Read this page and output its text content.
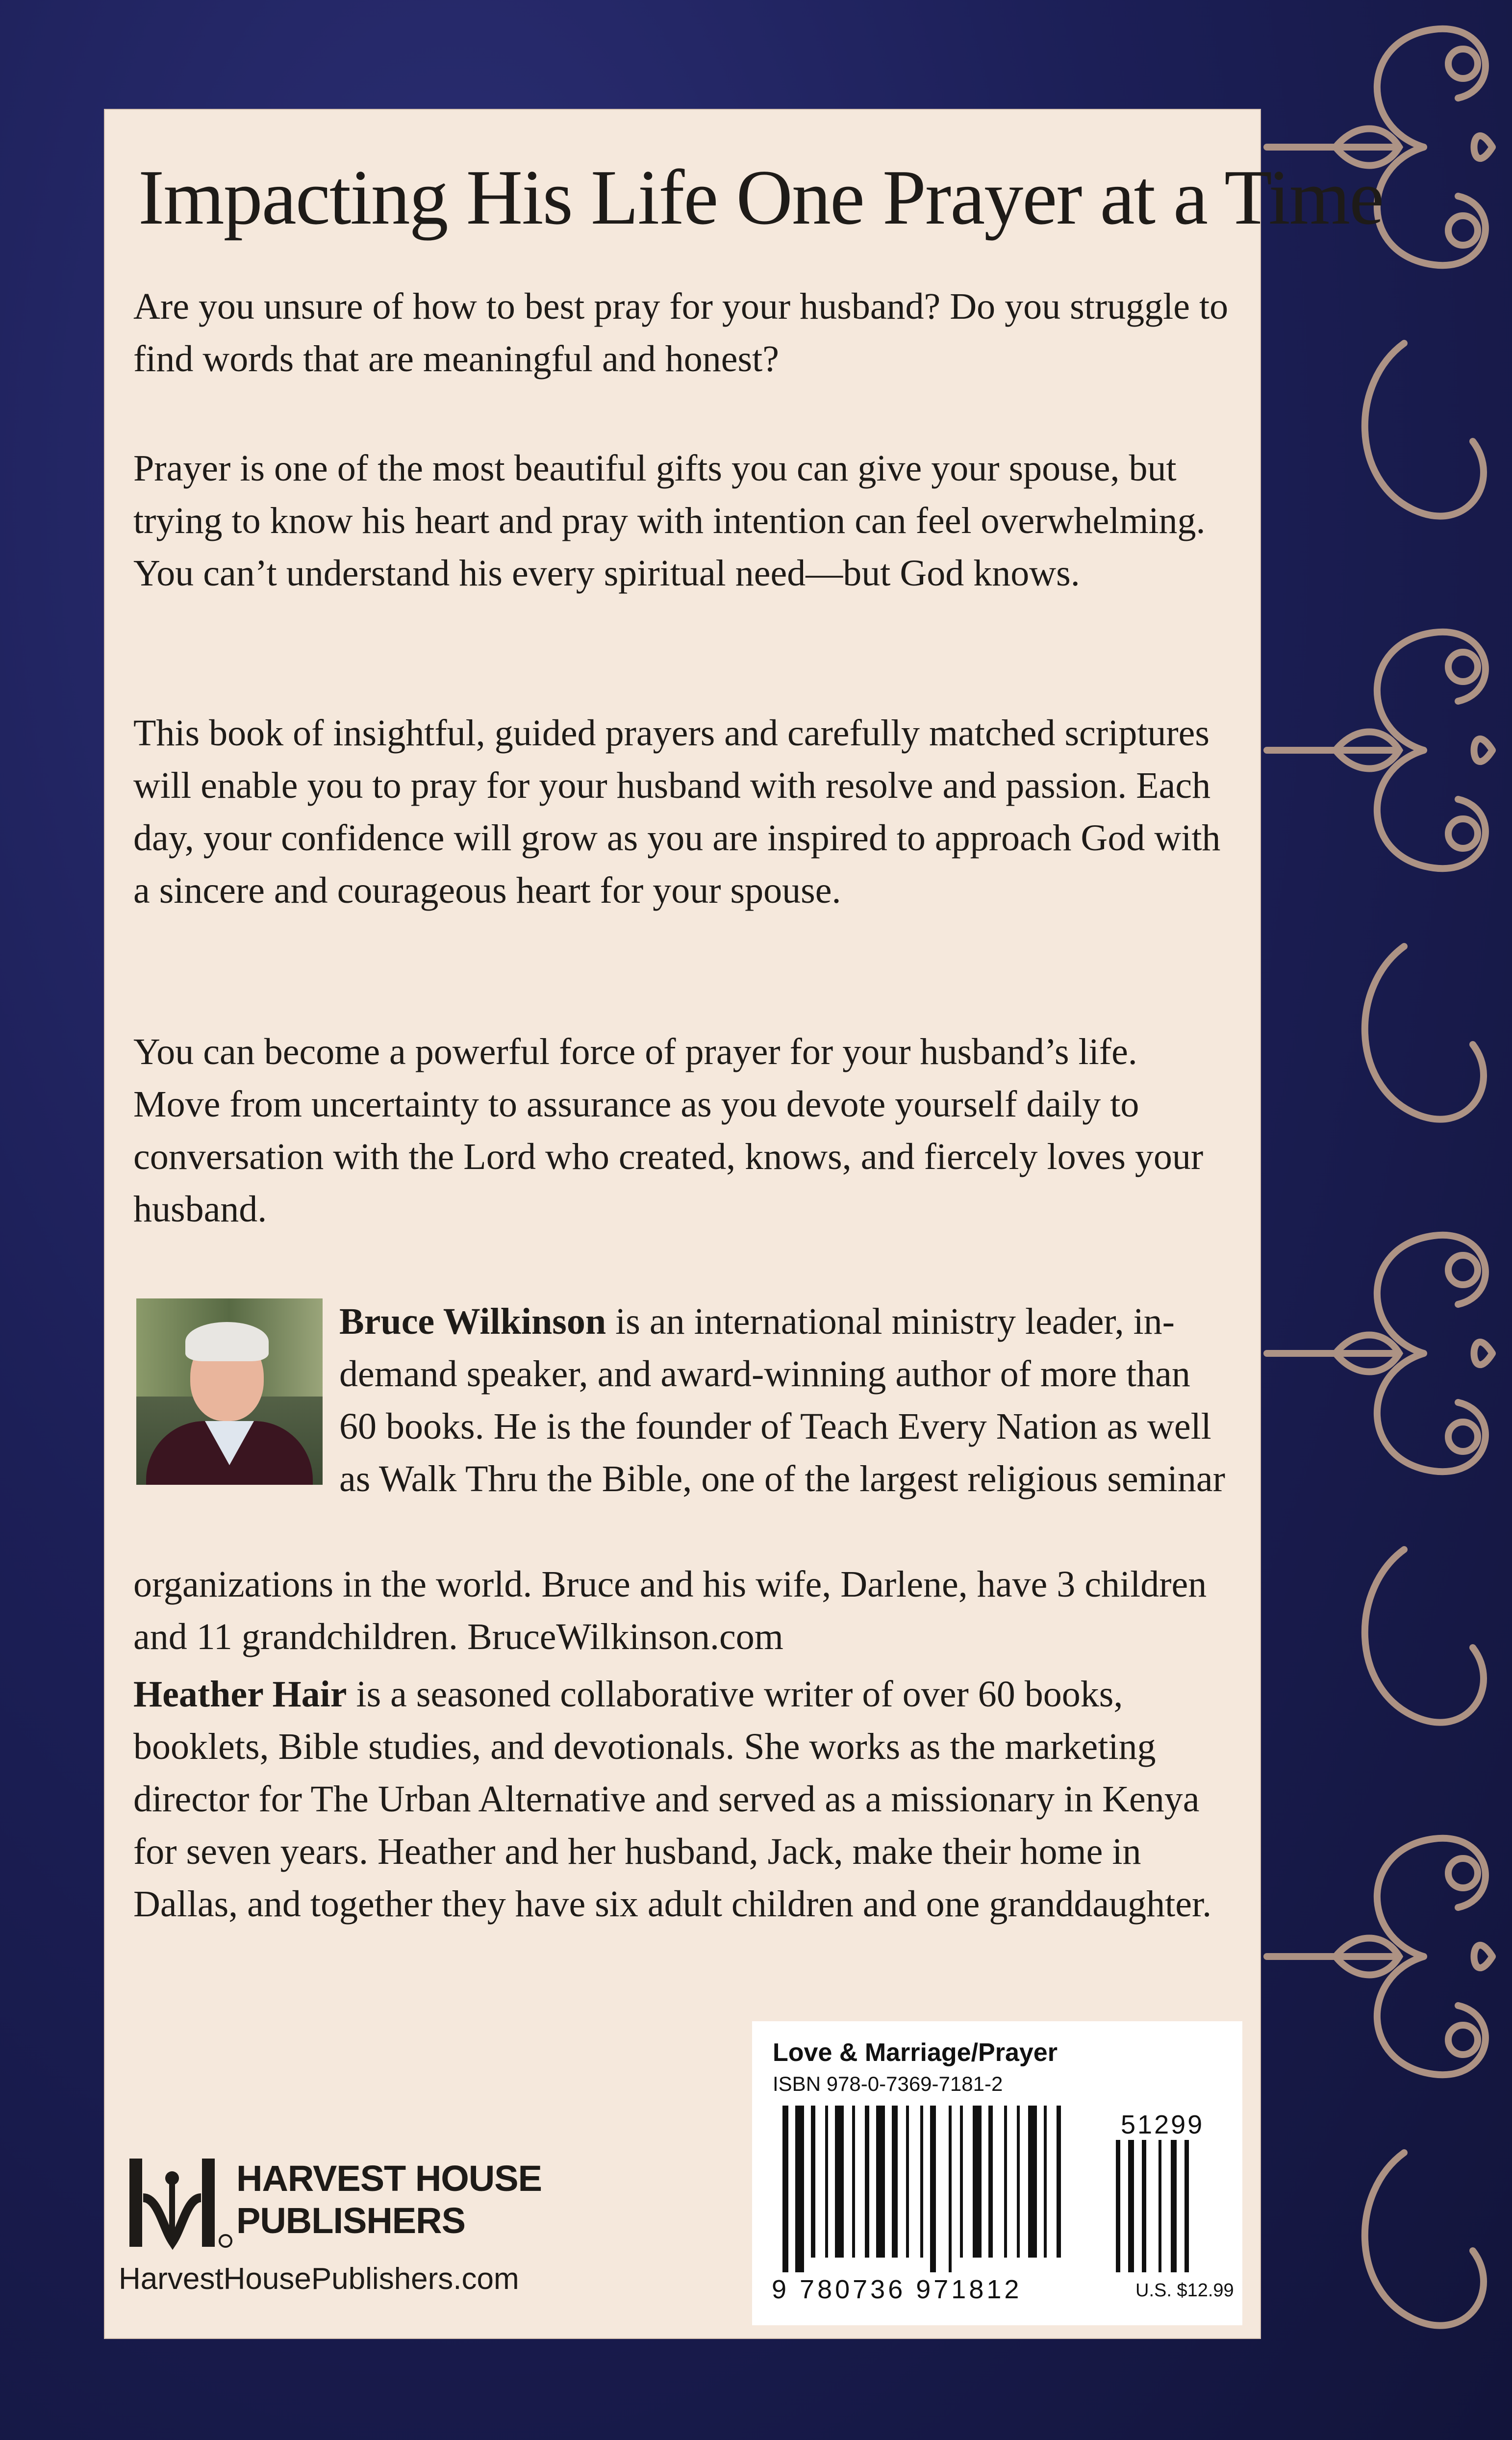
Impacting His Life One Prayer at a Time

Are you unsure of how to best pray for your husband? Do you struggle to find words that are meaningful and honest?

Prayer is one of the most beautiful gifts you can give your spouse, but trying to know his heart and pray with intention can feel overwhelming. You can’t understand his every spiritual need—but God knows.

This book of insightful, guided prayers and carefully matched scriptures will enable you to pray for your husband with resolve and passion. Each day, your confidence will grow as you are inspired to approach God with a sincere and courageous heart for your spouse.

You can become a powerful force of prayer for your husband’s life. Move from uncertainty to assurance as you devote yourself daily to conversation with the Lord who created, knows, and fiercely loves your husband.

Bruce Wilkinson is an international ministry leader, in-demand speaker, and award-winning author of more than 60 books. He is the founder of Teach Every Nation as well as Walk Thru the Bible, one of the largest religious seminar
organizations in the world. Bruce and his wife, Darlene, have 3 children and 11 grandchildren. BruceWilkinson.com

Heather Hair is a seasoned collaborative writer of over 60 books, booklets, Bible studies, and devotionals. She works as the marketing director for The Urban Alternative and served as a missionary in Kenya for seven years. Heather and her husband, Jack, make their home in Dallas, and together they have six adult children and one granddaughter.

HARVEST HOUSE
PUBLISHERS
HarvestHousePublishers.com
Love & Marriage/Prayer
ISBN 978-0-7369-7181-2
51299
9 780736 971812	U.S. $12.99
